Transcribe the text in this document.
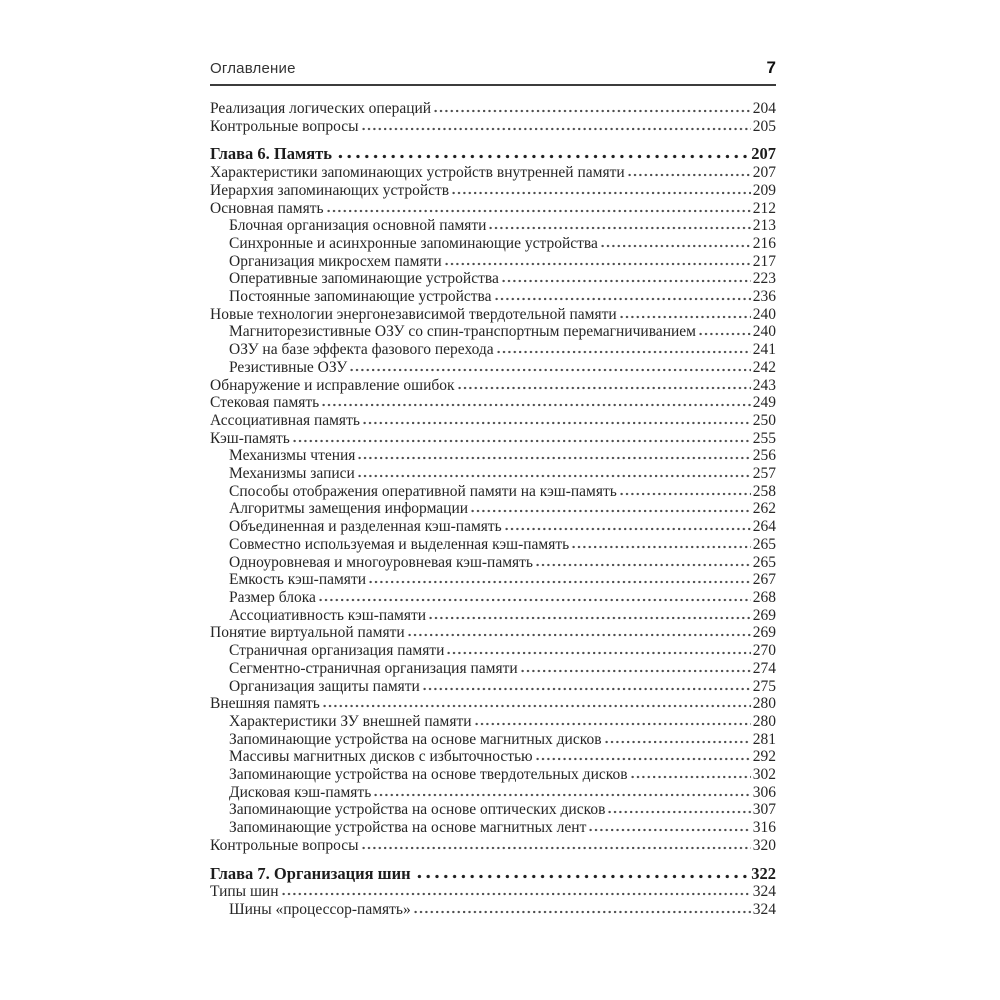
Оглавление	7
Реализация логических операций	204
Контрольные вопросы	205
Глава 6. Память	207
Характеристики запоминающих устройств внутренней памяти	207
Иерархия запоминающих устройств	209
Основная память	212
Блочная организация основной памяти	213
Синхронные и асинхронные запоминающие устройства	216
Организация микросхем памяти	217
Оперативные запоминающие устройства	223
Постоянные запоминающие устройства	236
Новые технологии энергонезависимой твердотельной памяти	240
Магниторезистивные ОЗУ со спин-транспортным перемагничиванием	240
ОЗУ на базе эффекта фазового перехода	241
Резистивные ОЗУ	242
Обнаружение и исправление ошибок	243
Стековая память	249
Ассоциативная память	250
Кэш-память	255
Механизмы чтения	256
Механизмы записи	257
Способы отображения оперативной памяти на кэш-память	258
Алгоритмы замещения информации	262
Объединенная и разделенная кэш-память	264
Совместно используемая и выделенная кэш-память	265
Одноуровневая и многоуровневая кэш-память	265
Емкость кэш-памяти	267
Размер блока	268
Ассоциативность кэш-памяти	269
Понятие виртуальной памяти	269
Страничная организация памяти	270
Сегментно-страничная организация памяти	274
Организация защиты памяти	275
Внешняя память	280
Характеристики ЗУ внешней памяти	280
Запоминающие устройства на основе магнитных дисков	281
Массивы магнитных дисков с избыточностью	292
Запоминающие устройства на основе твердотельных дисков	302
Дисковая кэш-память	306
Запоминающие устройства на основе оптических дисков	307
Запоминающие устройства на основе магнитных лент	316
Контрольные вопросы	320
Глава 7. Организация шин	322
Типы шин	324
Шины «процессор-память»	324
